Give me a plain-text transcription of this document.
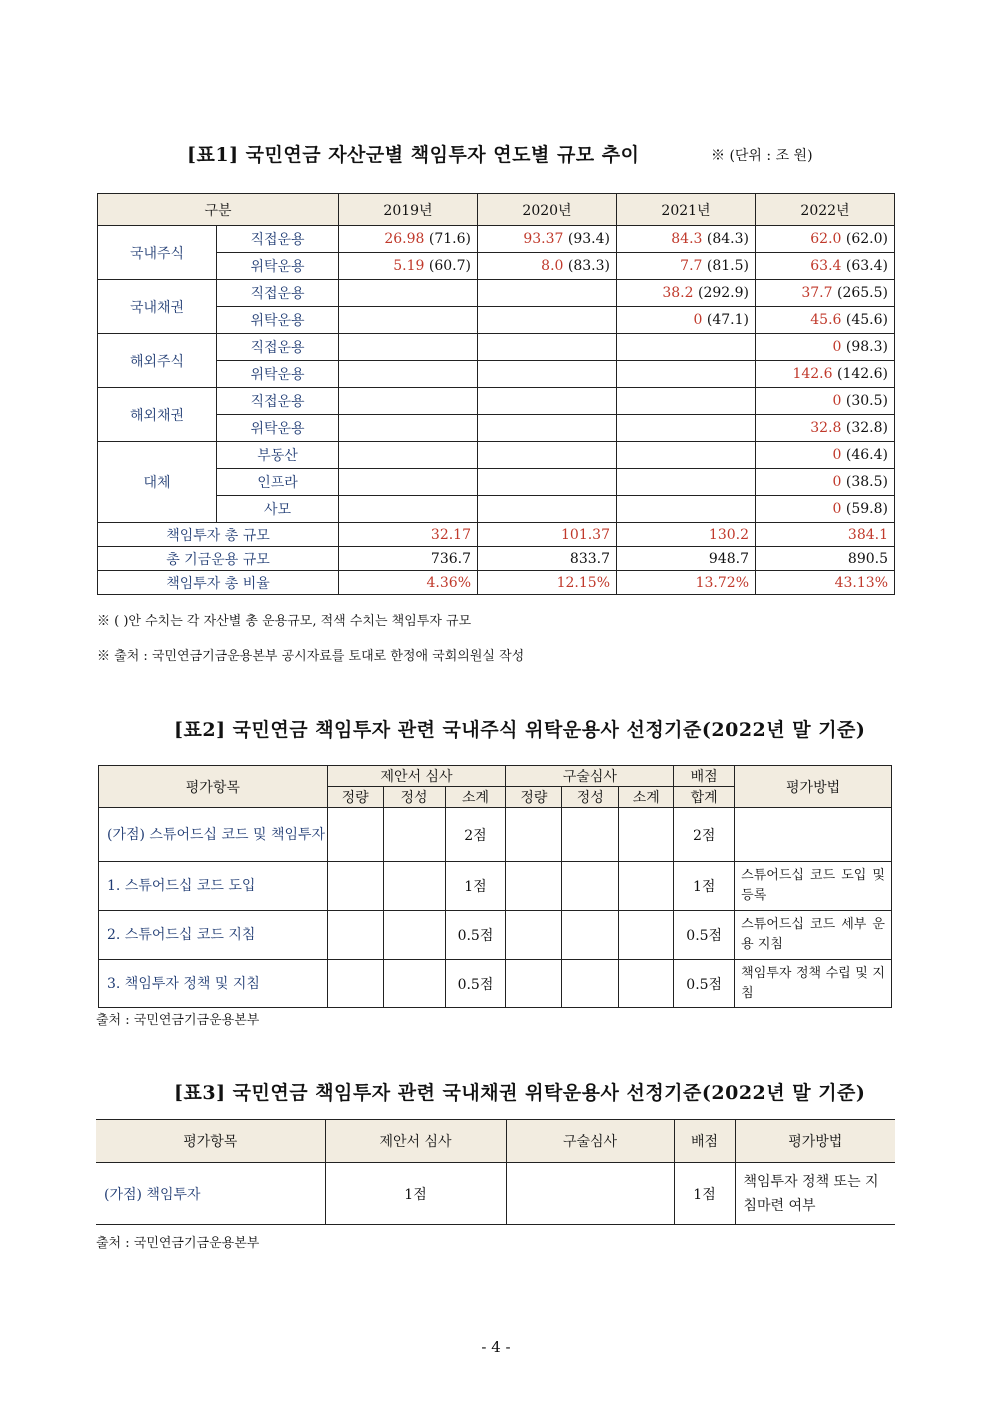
[표1] 국민연금 자산군별 책임투자 연도별 규모 추이	※ (단위 : 조 원)
구분		2019년	2020년	2021년	2022년
국내주식	직접운용	26.98 (71.6)	93.37 (93.4)	84.3 (84.3)	62.0 (62.0)
	위탁운용	5.19 (60.7)	8.0 (83.3)	7.7 (81.5)	63.4 (63.4)
국내채권	직접운용			38.2 (292.9)	37.7 (265.5)
	위탁운용			0 (47.1)	45.6 (45.6)
해외주식	직접운용				0 (98.3)
	위탁운용				142.6 (142.6)
해외채권	직접운용				0 (30.5)
	위탁운용				32.8 (32.8)
대체	부동산				0 (46.4)
	인프라				0 (38.5)
	사모				0 (59.8)
책임투자 총 규모		32.17	101.37	130.2	384.1
총 기금운용 규모		736.7	833.7	948.7	890.5
책임투자 총 비율		4.36%	12.15%	13.72%	43.13%
※ ( )안 수치는 각 자산별 총 운용규모, 적색 수치는 책임투자 규모
※ 출처 : 국민연금기금운용본부 공시자료를 토대로 한정애 국회의원실 작성
[표2] 국민연금 책임투자 관련 국내주식 위탁운용사 선정기준(2022년 말 기준)
평가항목	제안서 심사			구술심사			배점	평가방법
	정량	정성	소계	정량	정성	소계	합계	
(가점) 스튜어드십 코드 및 책임투자			2점				2점	
1. 스튜어드십 코드 도입			1점				1점	스튜어드십 코드 도입 및 등록
2. 스튜어드십 코드 지침			0.5점				0.5점	스튜어드십 코드 세부 운용 지침
3. 책임투자 정책 및 지침			0.5점				0.5점	책임투자 정책 수립 및 지침
출처 : 국민연금기금운용본부
[표3] 국민연금 책임투자 관련 국내채권 위탁운용사 선정기준(2022년 말 기준)
평가항목	제안서 심사	구술심사	배점	평가방법
(가점) 책임투자	1점		1점	책임투자 정책 또는 지침마련 여부
출처 : 국민연금기금운용본부
- 4 -
